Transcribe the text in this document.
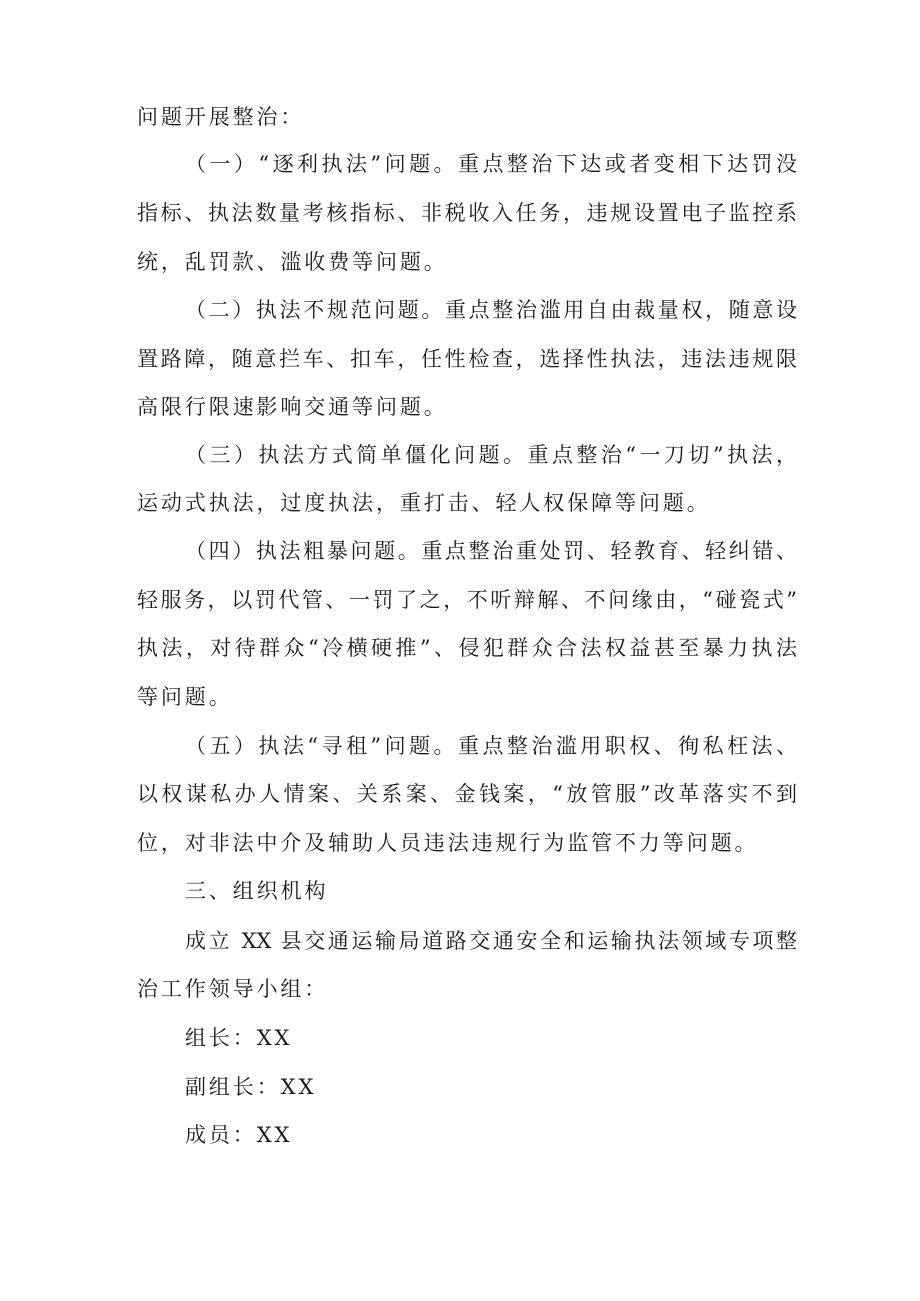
问题开展整治：
（一）“逐利执法”问题。重点整治下达或者变相下达罚没
指标、执法数量考核指标、非税收入任务，违规设置电子监控系
统，乱罚款、滥收费等问题。
（二）执法不规范问题。重点整治滥用自由裁量权，随意设
置路障，随意拦车、扣车，任性检查，选择性执法，违法违规限
高限行限速影响交通等问题。
（三）执法方式简单僵化问题。重点整治“一刀切”执法，
运动式执法，过度执法，重打击、轻人权保障等问题。
（四）执法粗暴问题。重点整治重处罚、轻教育、轻纠错、
轻服务，以罚代管、一罚了之，不听辩解、不问缘由，“碰瓷式”
执法，对待群众“冷横硬推”、侵犯群众合法权益甚至暴力执法
等问题。
（五）执法“寻租”问题。重点整治滥用职权、徇私枉法、
以权谋私办人情案、关系案、金钱案，“放管服”改革落实不到
位，对非法中介及辅助人员违法违规行为监管不力等问题。
三、组织机构
成立 XX 县交通运输局道路交通安全和运输执法领域专项整
治工作领导小组：
组长：XX
副组长：XX
成员：XX
